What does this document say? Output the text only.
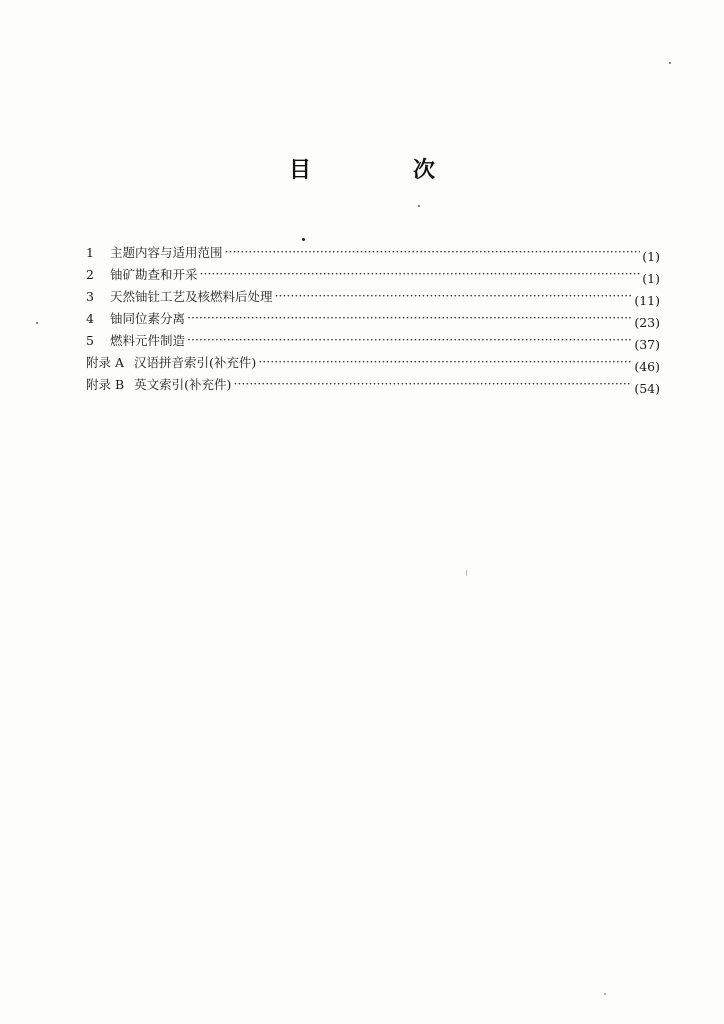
目　次
1	主题内容与适用范围 ·····	(1)
2	铀矿勘查和开采 ·····	(1)
3	天然铀钍工艺及核燃料后处理 ·····	(11)
4	铀同位素分离 ·····	(23)
5	燃料元件制造 ·····	(37)
附录 A 汉语拼音索引(补充件) ·····	(46)
附录 B 英文索引(补充件) ·····	(54)
